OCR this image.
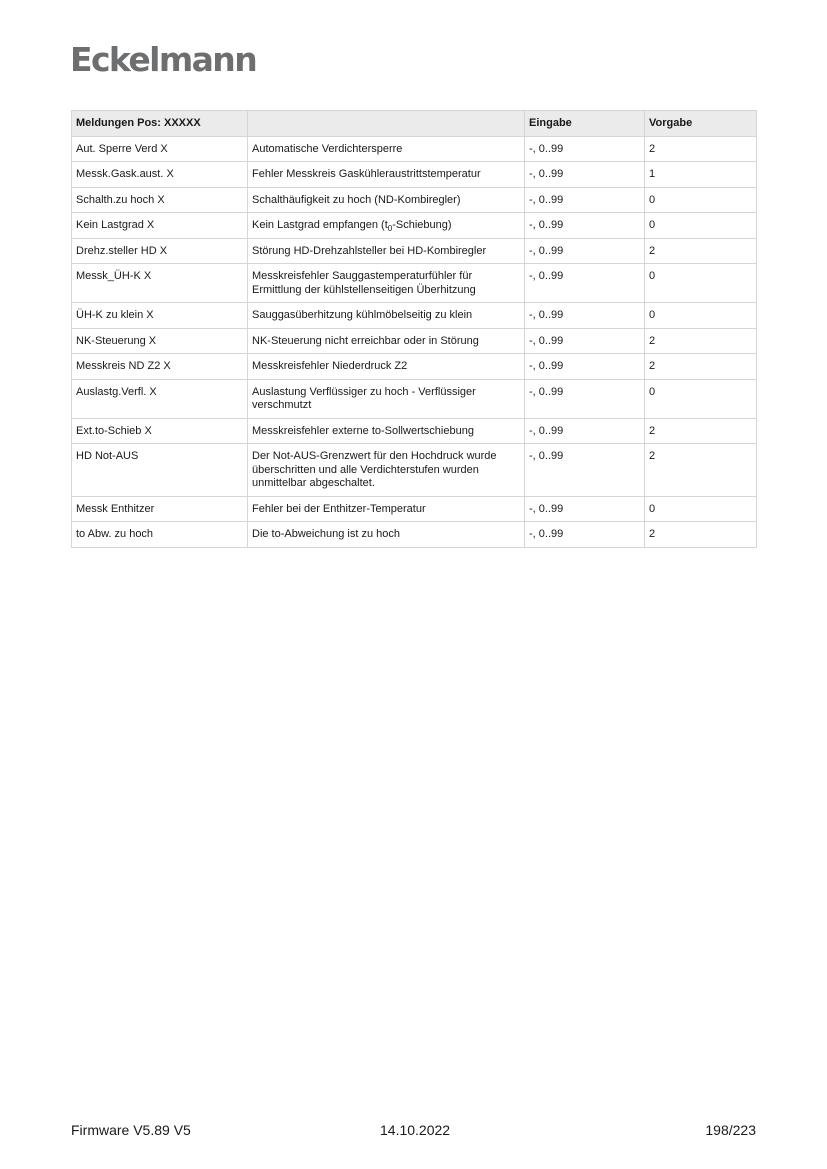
Eckelmann
Meldungen Pos: XXXXX		Eingabe	Vorgabe
Aut. Sperre Verd X	Automatische Verdichtersperre	-, 0..99	2
Messk.Gask.aust. X	Fehler Messkreis Gaskühleraustrittstemperatur	-, 0..99	1
Schalth.zu hoch X	Schalthäufigkeit zu hoch (ND-Kombiregler)	-, 0..99	0
Kein Lastgrad X	Kein Lastgrad empfangen $(t_0-Schiebung)$	-, 0..99	0
Drehz.steller HD X	Störung HD-Drehzahlsteller bei HD-Kombiregler	-, 0..99	2
Messk_ÜH-K X	Messkreisfehler Sauggastemperaturfühler für Ermittlung der kühlstellenseitigen Überhitzung	-, 0..99	0
ÜH-K zu klein X	Sauggasüberhitzung kühlmöbelseitig zu klein	-, 0..99	0
NK-Steuerung X	NK-Steuerung nicht erreichbar oder in Störung	-, 0..99	2
Messkreis ND Z2 X	Messkreisfehler Niederdruck Z2	-, 0..99	2
Auslastg.Verfl. X	Auslastung Verflüssiger zu hoch - Verflüssiger verschmutzt	-, 0..99	0
Ext.to-Schieb X	Messkreisfehler externe to-Sollwertschiebung	-, 0..99	2
HD Not-AUS	Der Not-AUS-Grenzwert für den Hochdruck wurde überschritten und alle Verdichterstufen wurden unmittelbar abgeschaltet.	-, 0..99	2
Messk Enthitzer	Fehler bei der Enthitzer-Temperatur	-, 0..99	0
to Abw. zu hoch	Die to-Abweichung ist zu hoch	-, 0..99	2
Firmware V5.89 V5	14.10.2022	198/223
